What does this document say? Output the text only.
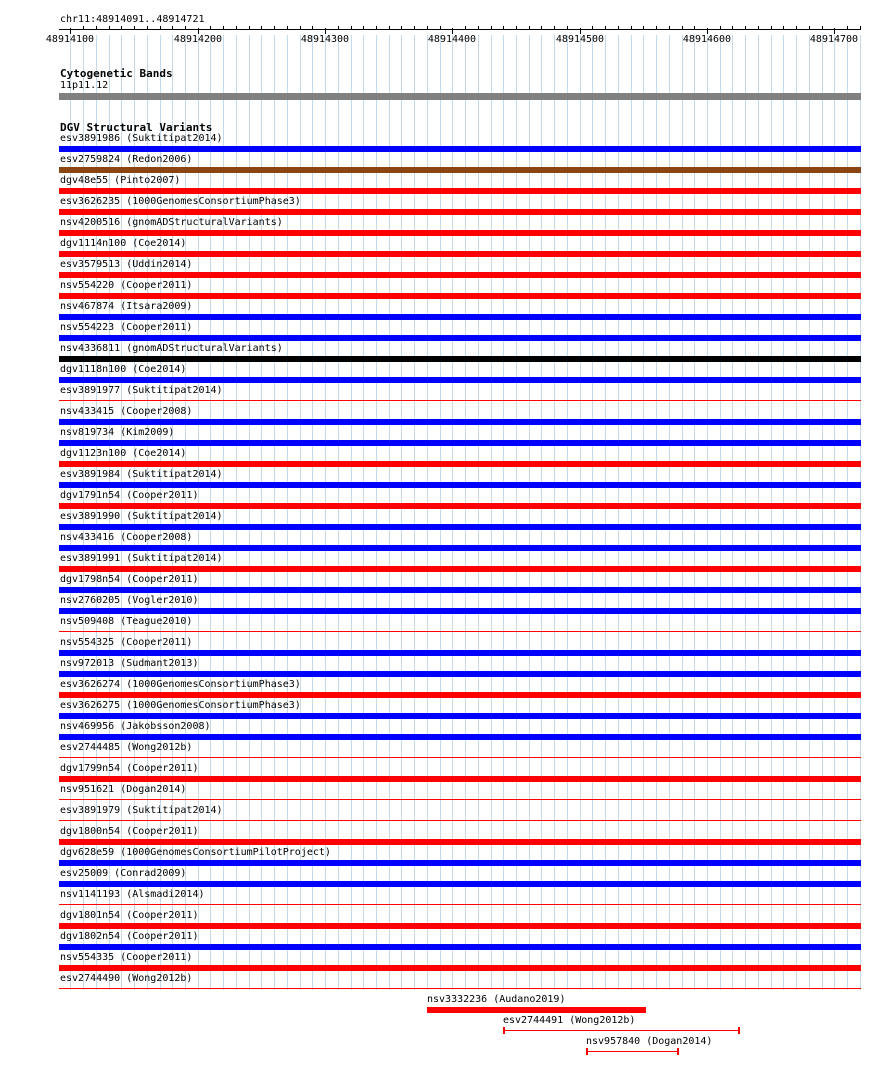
chr11:48914091..48914721
48914100	48914200	48914300	48914400	48914500	48914600	48914700
Cytogenetic Bands
11p11.12
DGV Structural Variants
esv3891986 (Suktitipat2014)
esv2759824 (Redon2006)
dgv48e55 (Pinto2007)
esv3626235 (1000GenomesConsortiumPhase3)
nsv4200516 (gnomADStructuralVariants)
dgv1114n100 (Coe2014)
esv3579513 (Uddin2014)
nsv554220 (Cooper2011)
nsv467874 (Itsara2009)
nsv554223 (Cooper2011)
nsv4336811 (gnomADStructuralVariants)
dgv1118n100 (Coe2014)
esv3891977 (Suktitipat2014)
nsv433415 (Cooper2008)
nsv819734 (Kim2009)
dgv1123n100 (Coe2014)
esv3891984 (Suktitipat2014)
dgv1791n54 (Cooper2011)
esv3891990 (Suktitipat2014)
nsv433416 (Cooper2008)
esv3891991 (Suktitipat2014)
dgv1798n54 (Cooper2011)
nsv2760205 (Vogler2010)
nsv509408 (Teague2010)
nsv554325 (Cooper2011)
nsv972013 (Sudmant2013)
esv3626274 (1000GenomesConsortiumPhase3)
esv3626275 (1000GenomesConsortiumPhase3)
nsv469956 (Jakobsson2008)
esv2744485 (Wong2012b)
dgv1799n54 (Cooper2011)
nsv951621 (Dogan2014)
esv3891979 (Suktitipat2014)
dgv1800n54 (Cooper2011)
dgv628e59 (1000GenomesConsortiumPilotProject)
esv25009 (Conrad2009)
nsv1141193 (Alsmadi2014)
dgv1801n54 (Cooper2011)
dgv1802n54 (Cooper2011)
nsv554335 (Cooper2011)
esv2744490 (Wong2012b)
nsv3332236 (Audano2019)
esv2744491 (Wong2012b)
nsv957840 (Dogan2014)
